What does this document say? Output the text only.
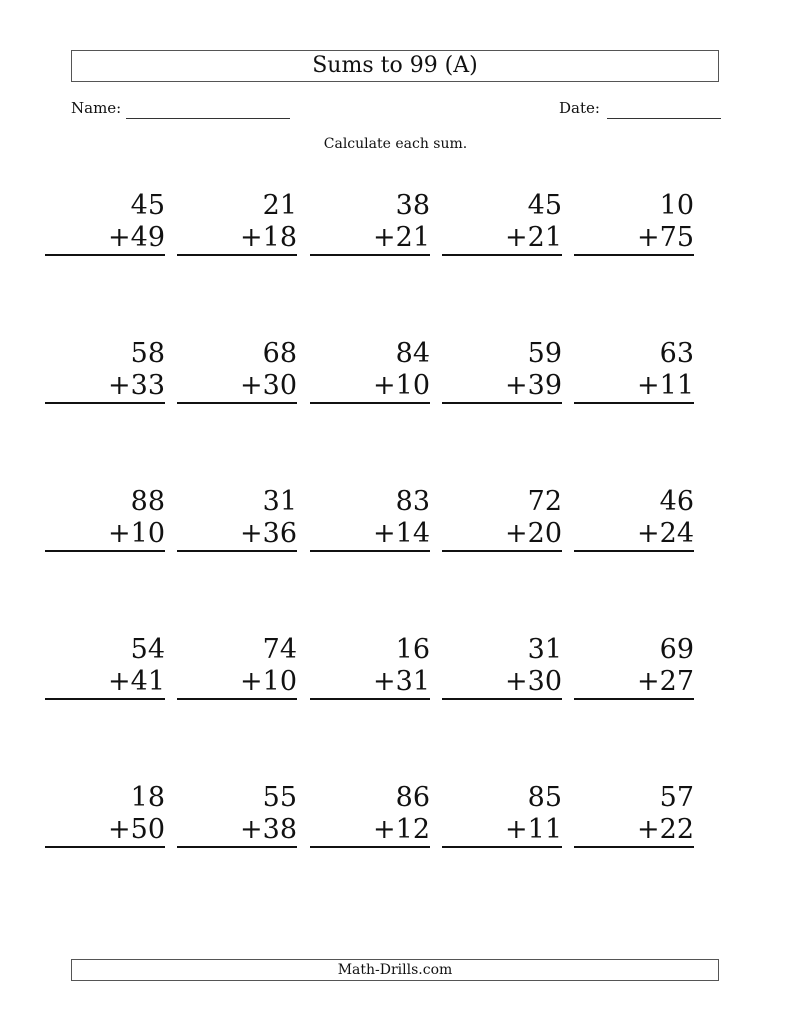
Sums to 99 (A)
Name:	Date:
Calculate each sum.
45
+49
21
+18
38
+21
45
+21
10
+75
58
+33
68
+30
84
+10
59
+39
63
+11
88
+10
31
+36
83
+14
72
+20
46
+24
54
+41
74
+10
16
+31
31
+30
69
+27
18
+50
55
+38
86
+12
85
+11
57
+22
Math-Drills.com
